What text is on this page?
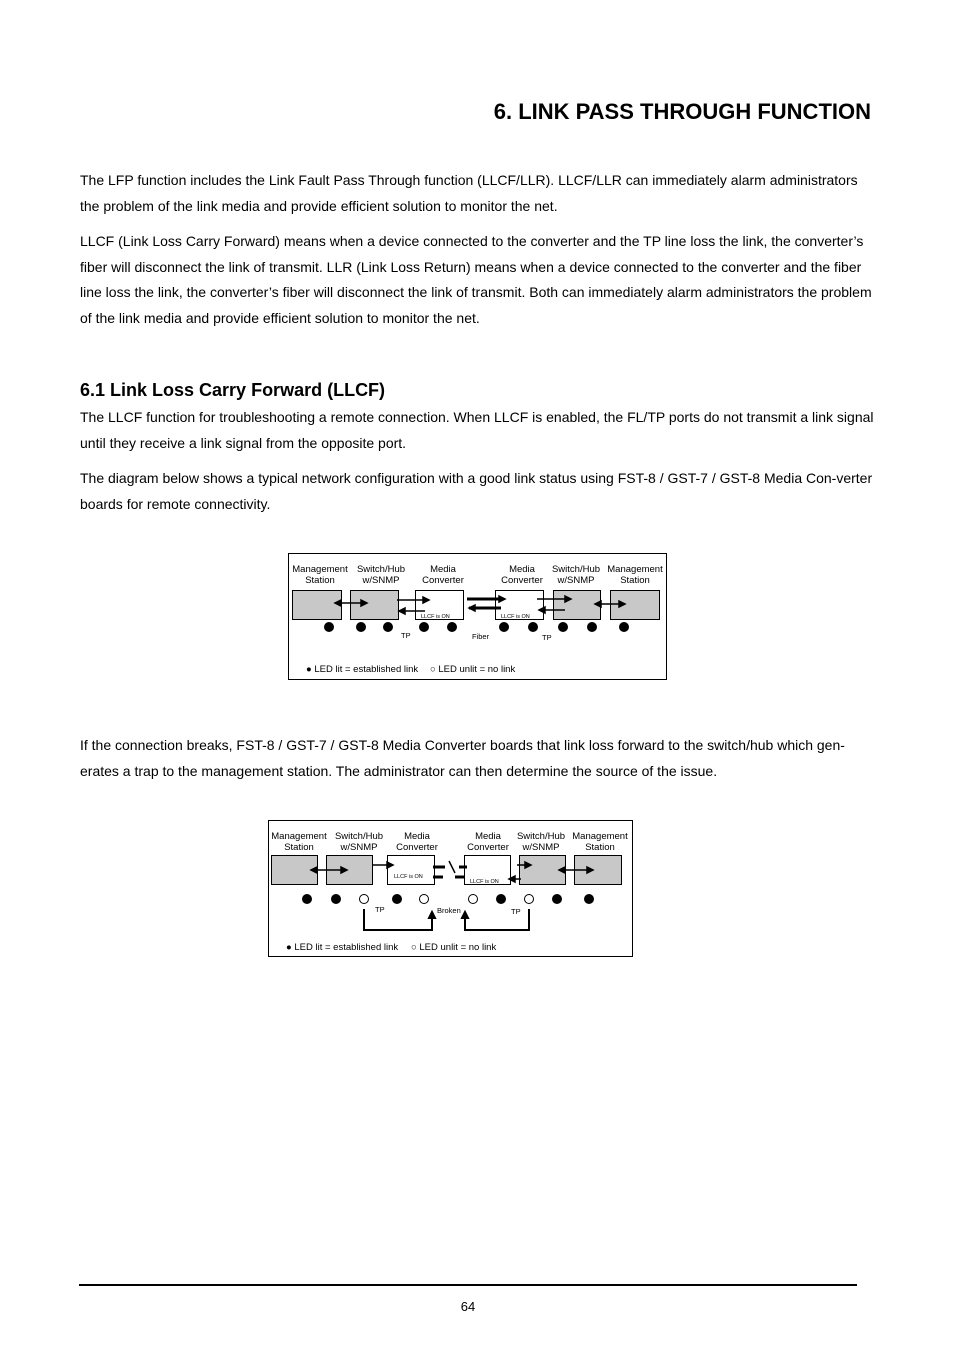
6. LINK PASS THROUGH FUNCTION

The LFP function includes the Link Fault Pass Through function (LLCF/LLR). LLCF/LLR can immediately alarm administrators the problem of the link media and provide efficient solution to monitor the net.

LLCF (Link Loss Carry Forward) means when a device connected to the converter and the TP line loss the link, the converter’s fiber will disconnect the link of transmit. LLR (Link Loss Return) means when a device connected to the converter and the fiber line loss the link, the converter’s fiber will disconnect the link of transmit. Both can immediately alarm administrators the problem of the link media and provide efficient solution to monitor the net.

6.1 Link Loss Carry Forward (LLCF)

The LLCF function for troubleshooting a remote connection. When LLCF is enabled, the FL/TP ports do not transmit a link signal until they receive a link signal from the opposite port.

The diagram below shows a typical network configuration with a good link status using FST-8 / GST-7 / GST-8 Media Con-verter boards for remote connectivity.

Management
Station
Switch/Hub
w/SNMP
Media
Converter
Media
Converter
Switch/Hub
w/SNMP
Management
Station
LLCF is ON	LLCF is ON
TP	Fiber	TP
● LED lit = established link ○ LED unlit = no link

If the connection breaks, FST-8 / GST-7 / GST-8 Media Converter boards that link loss forward to the switch/hub which gen-erates a trap to the management station. The administrator can then determine the source of the issue.

Management
Station
Switch/Hub
w/SNMP
Media
Converter
Media
Converter
Switch/Hub
w/SNMP
Management
Station
LLCF is ON
LLCF is ON
TP	Broken	TP
● LED lit = established link ○ LED unlit = no link
64
